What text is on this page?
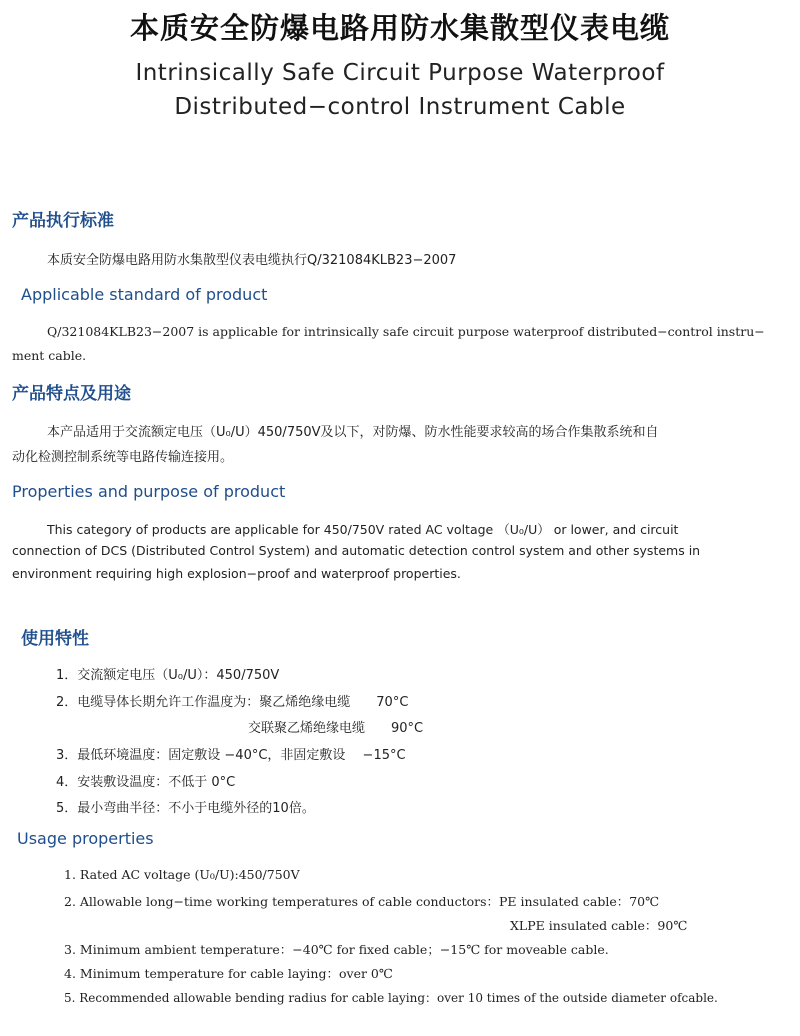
本质安全防爆电路用防水集散型仪表电缆
Intrinsically Safe Circuit Purpose Waterproof
Distributed−control Instrument Cable
产品执行标准
本质安全防爆电路用防水集散型仪表电缆执行Q/321084KLB23−2007
Applicable standard of product
Q/321084KLB23−2007 is applicable for intrinsically safe circuit purpose waterproof distributed−control instru−
ment cable.
产品特点及用途
本产品适用于交流额定电压（U₀/U）450/750V及以下，对防爆、防水性能要求较高的场合作集散系统和自
动化检测控制系统等电路传输连接用。
Properties and purpose of product
This category of products are applicable for 450/750V rated AC voltage （U₀/U） or lower, and circuit
connection of DCS (Distributed Control System) and automatic detection control system and other systems in
environment requiring high explosion−proof and waterproof properties.
使用特性
1．交流额定电压（U₀/U）：450/750V
2．电缆导体长期允许工作温度为：聚乙烯绝缘电缆　　70°C
交联聚乙烯绝缘电缆　　90°C
3．最低环境温度：固定敷设 −40°C，非固定敷设　 −15°C
4．安装敷设温度：不低于 0°C
5．最小弯曲半径：不小于电缆外径的10倍。
Usage properties
1. Rated AC voltage (U₀/U):450/750V
2. Allowable long−time working temperatures of cable conductors：PE insulated cable：70℃
XLPE insulated cable：90℃
3. Minimum ambient temperature：−40℃ for fixed cable；−15℃ for moveable cable.
4. Minimum temperature for cable laying：over 0℃
5. Recommended allowable bending radius for cable laying：over 10 times of the outside diameter ofcable.
